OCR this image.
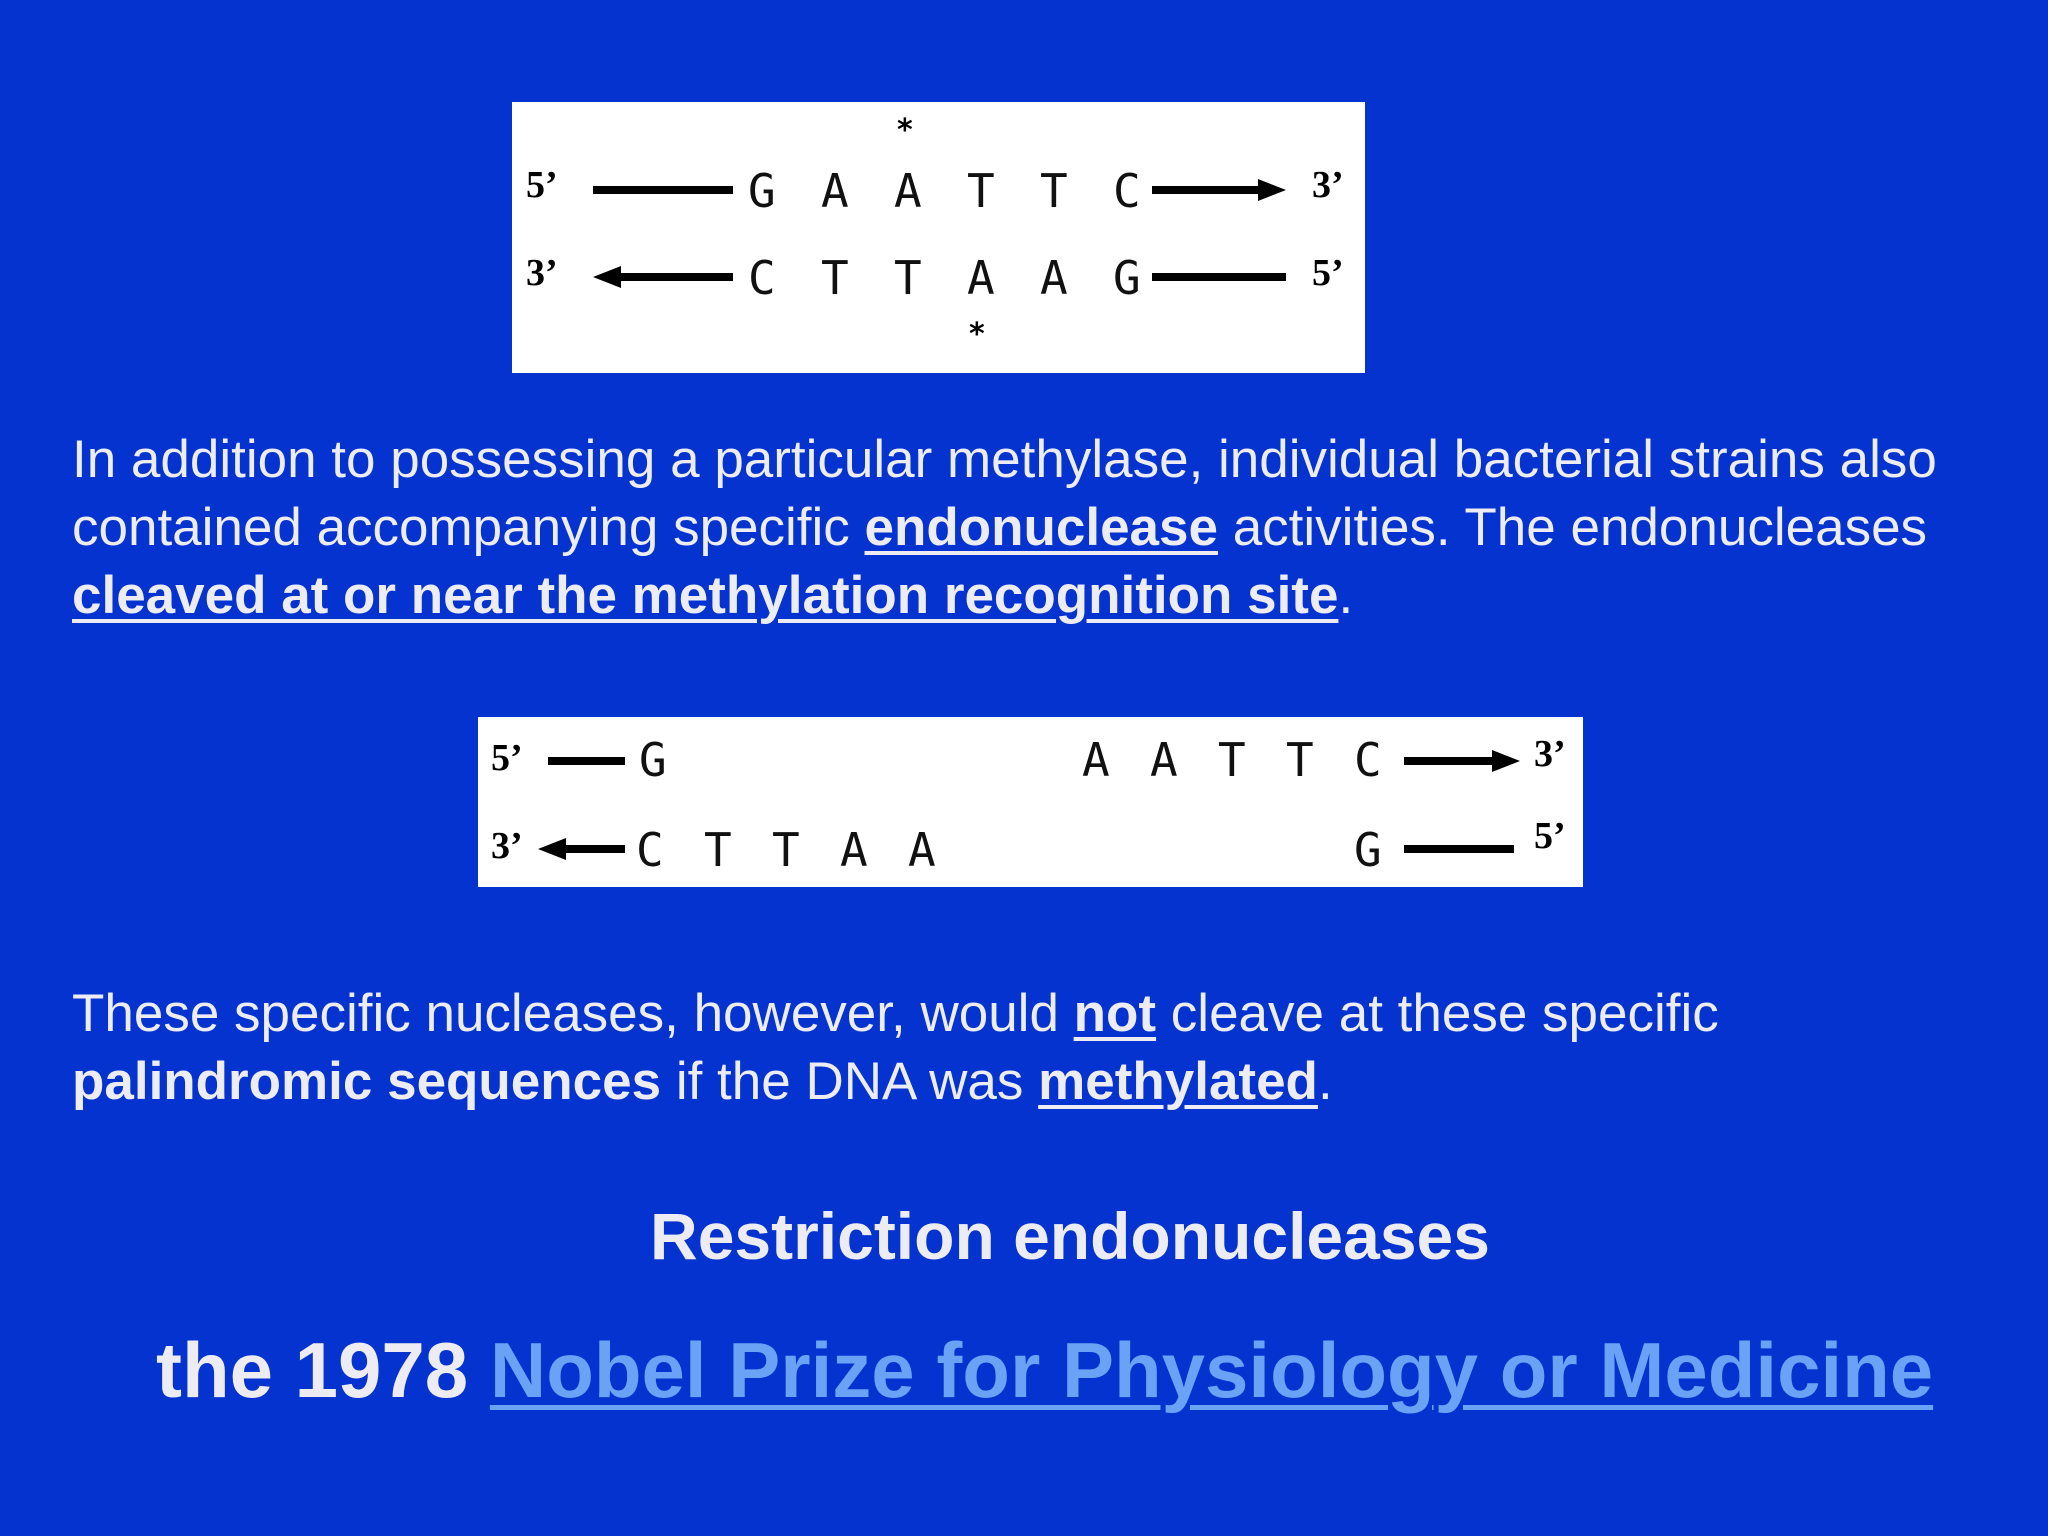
*
5’	G A A T T C	3’
3’	C T T A A G	5’
*

In addition to possessing a particular methylase, individual bacterial strains also contained accompanying specific endonuclease activities. The endonucleases cleaved at or near the methylation recognition site.

5’	G	A A T T C	3’
3’ C T T A A	G	5’

These specific nucleases, however, would not cleave at these specific palindromic sequences if the DNA was methylated.

Restriction endonucleases

the 1978 Nobel Prize for Physiology or Medicine
